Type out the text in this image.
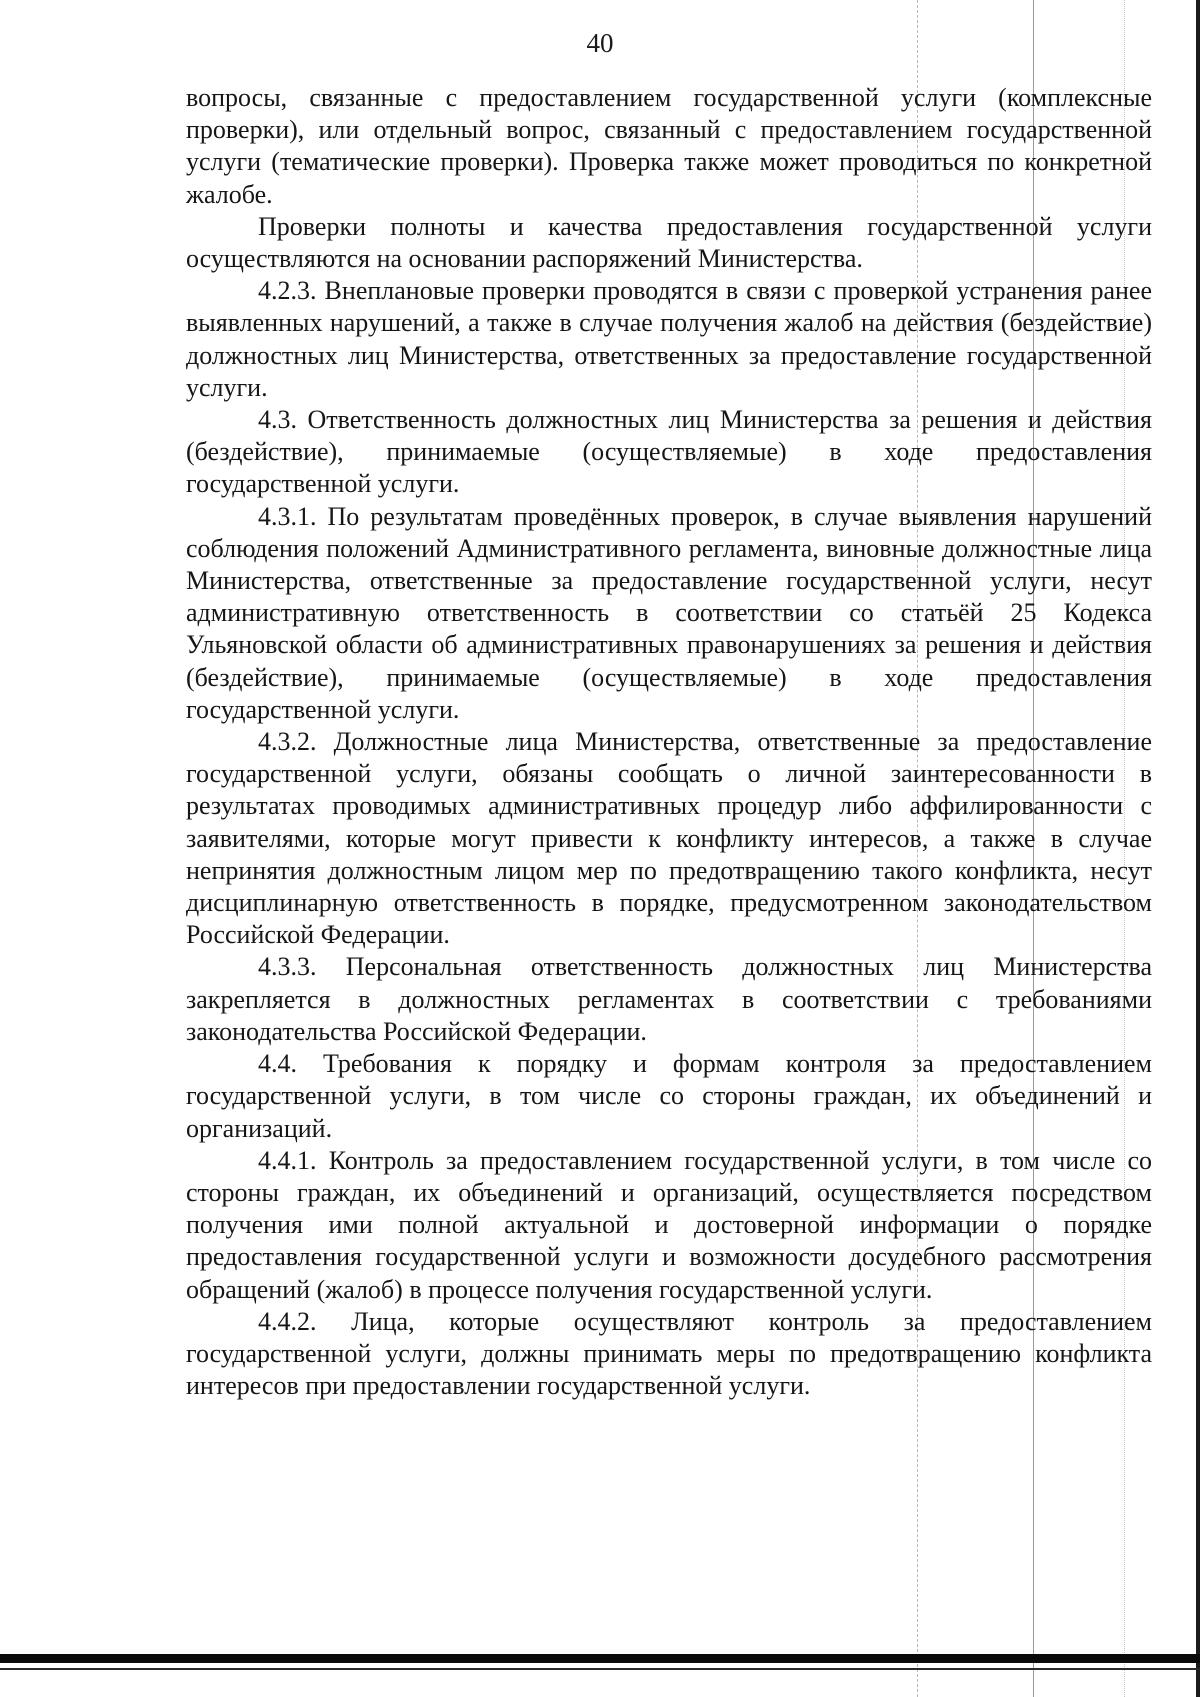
40

вопросы, связанные с предоставлением государственной услуги (комплексные проверки), или отдельный вопрос, связанный с предоставлением государственной услуги (тематические проверки). Проверка также может проводиться по конкретной жалобе.

Проверки полноты и качества предоставления государственной услуги осуществляются на основании распоряжений Министерства.

4.2.3. Внеплановые проверки проводятся в связи с проверкой устранения ранее выявленных нарушений, а также в случае получения жалоб на действия (бездействие) должностных лиц Министерства, ответственных за предоставление государственной услуги.

4.3. Ответственность должностных лиц Министерства за решения и действия (бездействие), принимаемые (осуществляемые) в ходе предоставления государственной услуги.

4.3.1. По результатам проведённых проверок, в случае выявления нарушений соблюдения положений Административного регламента, виновные должностные лица Министерства, ответственные за предоставление государственной услуги, несут административную ответственность в соответствии со статьёй 25 Кодекса Ульяновской области об административных правонарушениях за решения и действия (бездействие), принимаемые (осуществляемые) в ходе предоставления государственной услуги.

4.3.2. Должностные лица Министерства, ответственные за предоставление государственной услуги, обязаны сообщать о личной заинтересованности в результатах проводимых административных процедур либо аффилированности с заявителями, которые могут привести к конфликту интересов, а также в случае непринятия должностным лицом мер по предотвращению такого конфликта, несут дисциплинарную ответственность в порядке, предусмотренном законодательством Российской Федерации.

4.3.3. Персональная ответственность должностных лиц Министерства закрепляется в должностных регламентах в соответствии с требованиями законодательства Российской Федерации.

4.4. Требования к порядку и формам контроля за предоставлением государственной услуги, в том числе со стороны граждан, их объединений и организаций.

4.4.1. Контроль за предоставлением государственной услуги, в том числе со стороны граждан, их объединений и организаций, осуществляется посредством получения ими полной актуальной и достоверной информации о порядке предоставления государственной услуги и возможности досудебного рассмотрения обращений (жалоб) в процессе получения государственной услуги.

4.4.2. Лица, которые осуществляют контроль за предоставлением государственной услуги, должны принимать меры по предотвращению конфликта интересов при предоставлении государственной услуги.
